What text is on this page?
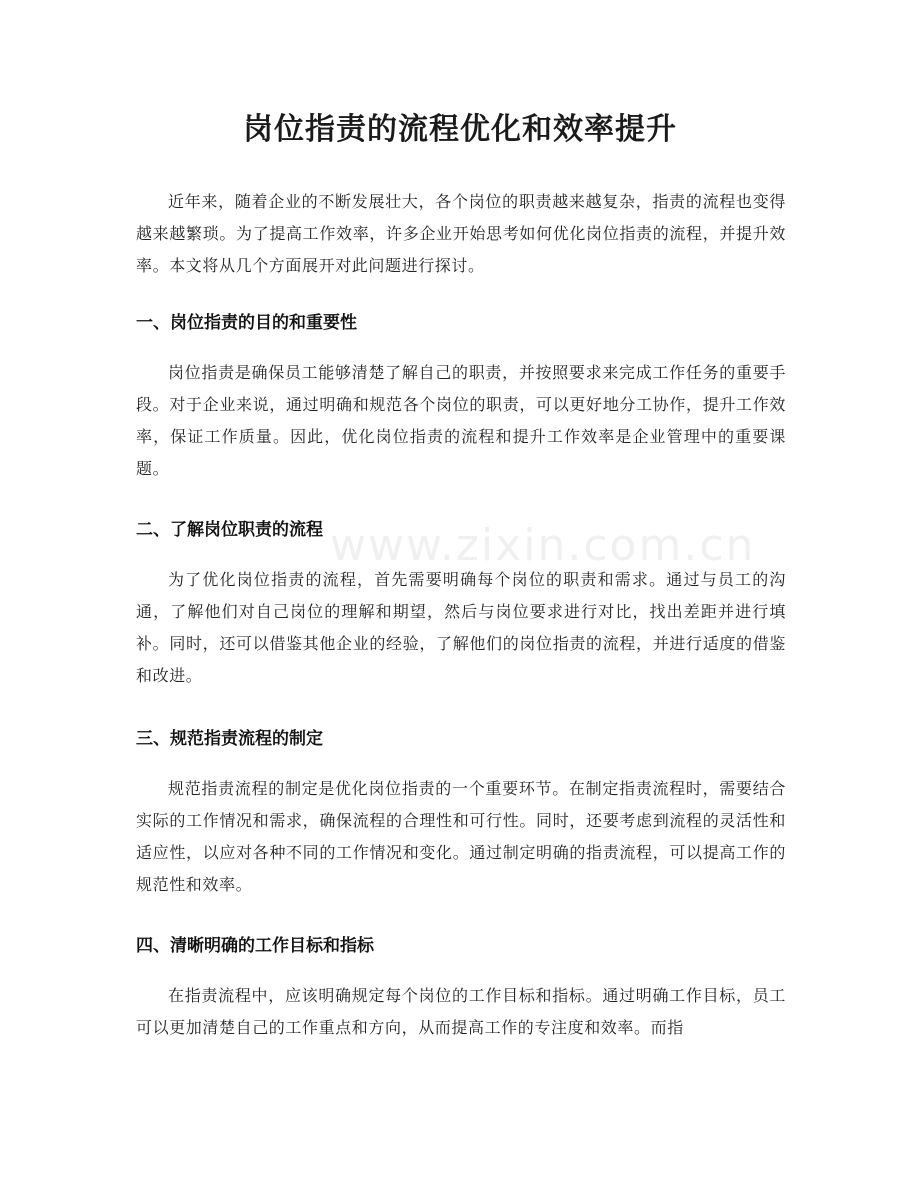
www.zixin.com.cn
岗位指责的流程优化和效率提升

近年来，随着企业的不断发展壮大，各个岗位的职责越来越复杂，指责的流程也变得越来越繁琐。为了提高工作效率，许多企业开始思考如何优化岗位指责的流程，并提升效率。本文将从几个方面展开对此问题进行探讨。

一、岗位指责的目的和重要性

岗位指责是确保员工能够清楚了解自己的职责，并按照要求来完成工作任务的重要手段。对于企业来说，通过明确和规范各个岗位的职责，可以更好地分工协作，提升工作效率，保证工作质量。因此，优化岗位指责的流程和提升工作效率是企业管理中的重要课题。

二、了解岗位职责的流程

为了优化岗位指责的流程，首先需要明确每个岗位的职责和需求。通过与员工的沟通，了解他们对自己岗位的理解和期望，然后与岗位要求进行对比，找出差距并进行填补。同时，还可以借鉴其他企业的经验，了解他们的岗位指责的流程，并进行适度的借鉴和改进。

三、规范指责流程的制定

规范指责流程的制定是优化岗位指责的一个重要环节。在制定指责流程时，需要结合实际的工作情况和需求，确保流程的合理性和可行性。同时，还要考虑到流程的灵活性和适应性，以应对各种不同的工作情况和变化。通过制定明确的指责流程，可以提高工作的规范性和效率。

四、清晰明确的工作目标和指标

在指责流程中，应该明确规定每个岗位的工作目标和指标。通过明确工作目标，员工可以更加清楚自己的工作重点和方向，从而提高工作的专注度和效率。而指
